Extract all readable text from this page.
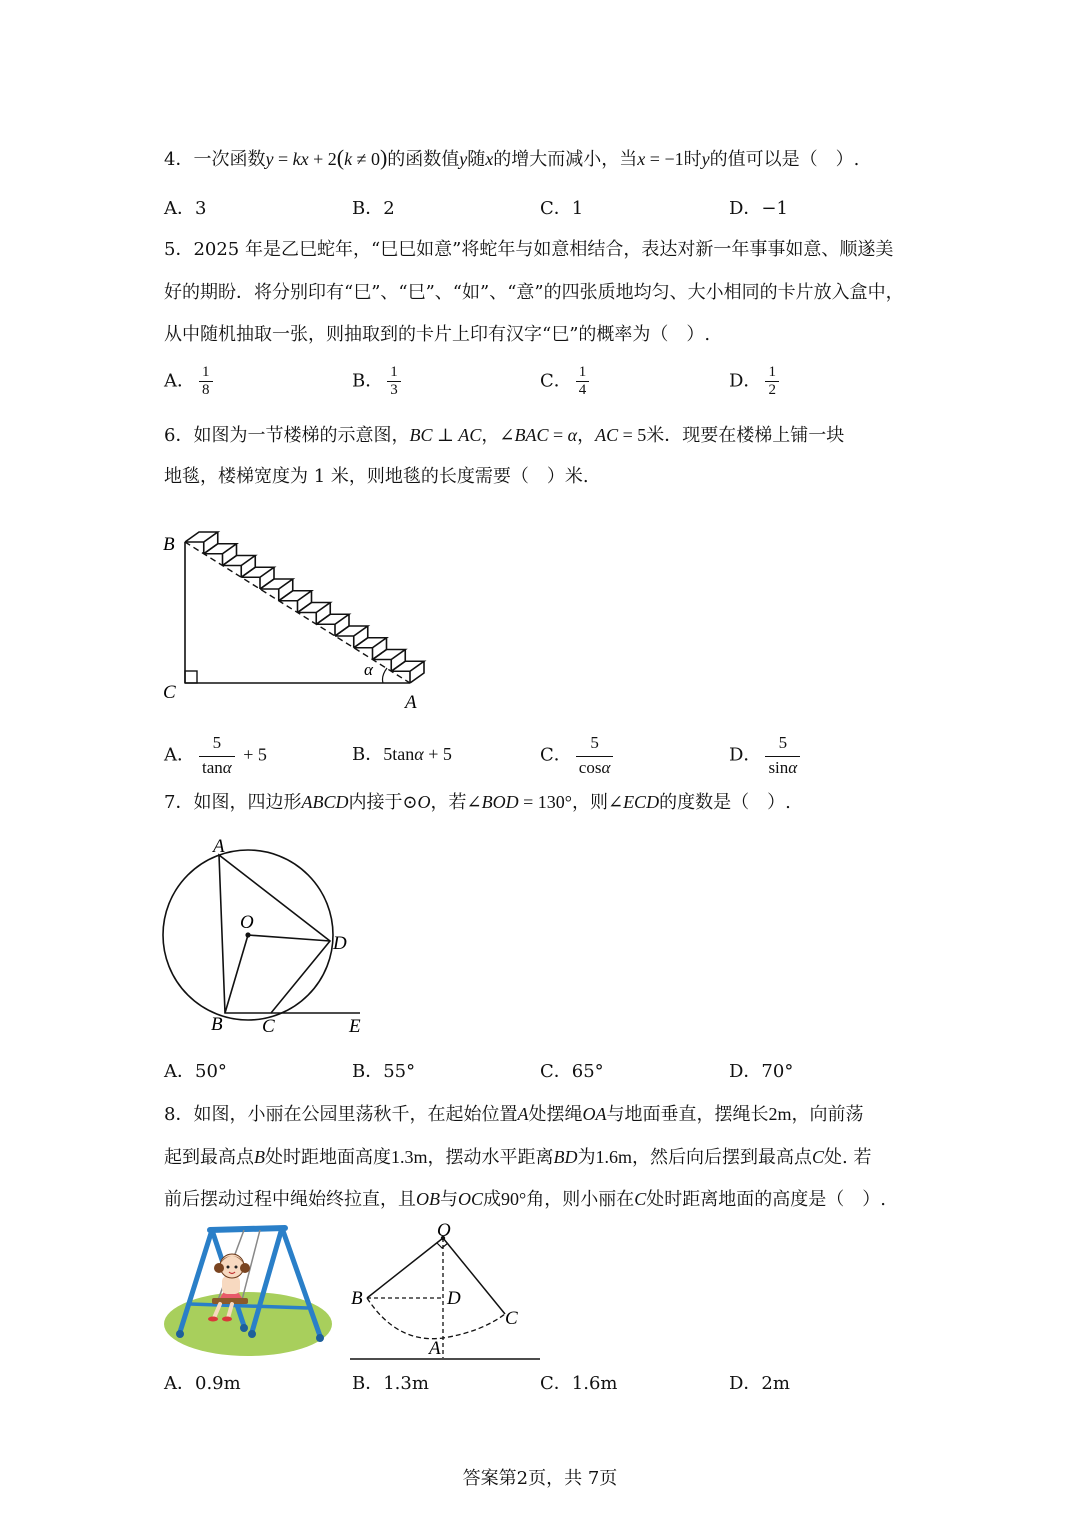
4．一次函数y = kx + 2(k ≠ 0)的函数值y随x的增大而减小，当x = −1时y的值可以是（　）.
A．3	B．2	C．1	D．−1
5．2025 年是乙巳蛇年，“巳巳如意”将蛇年与如意相结合，表达对新一年事事如意、顺遂美
好的期盼．将分别印有“巳”、“巳”、“如”、“意”的四张质地均匀、大小相同的卡片放入盒中，
从中随机抽取一张，则抽取到的卡片上印有汉字“巳”的概率为（　）.
A． $\frac{1}{8}$	B． $\frac{1}{3}$	C． $\frac{1}{4}$	D． $\frac{1}{2}$
6．如图为一节楼梯的示意图，BC ⊥ AC，∠BAC = α，AC = 5米．现要在楼梯上铺一块
地毯，楼梯宽度为 1 米，则地毯的长度需要（　）米.
B
C	A
α
A． $\frac{5}{\tan\alpha} + 5$	B．5tanα + 5	C． $\frac{5}{\cos\alpha}$	D． $\frac{5}{\sin\alpha}$
7．如图，四边形ABCD内接于⊙O，若∠BOD = 130°，则∠ECD的度数是（　）.
A
O
D
B C	E
A．50°	B．55°	C．65°	D．70°
8．如图，小丽在公园里荡秋千，在起始位置A处摆绳OA与地面垂直，摆绳长2m，向前荡
起到最高点B处时距地面高度1.3m，摆动水平距离BD为1.6m，然后向后摆到最高点C处. 若
前后摆动过程中绳始终拉直，且OB与OC成90°角，则小丽在C处时距离地面的高度是（　）.
O
B	D
C
A
A．0.9m	B．1.3m	C．1.6m	D．2m
答案第2页，共 7页
